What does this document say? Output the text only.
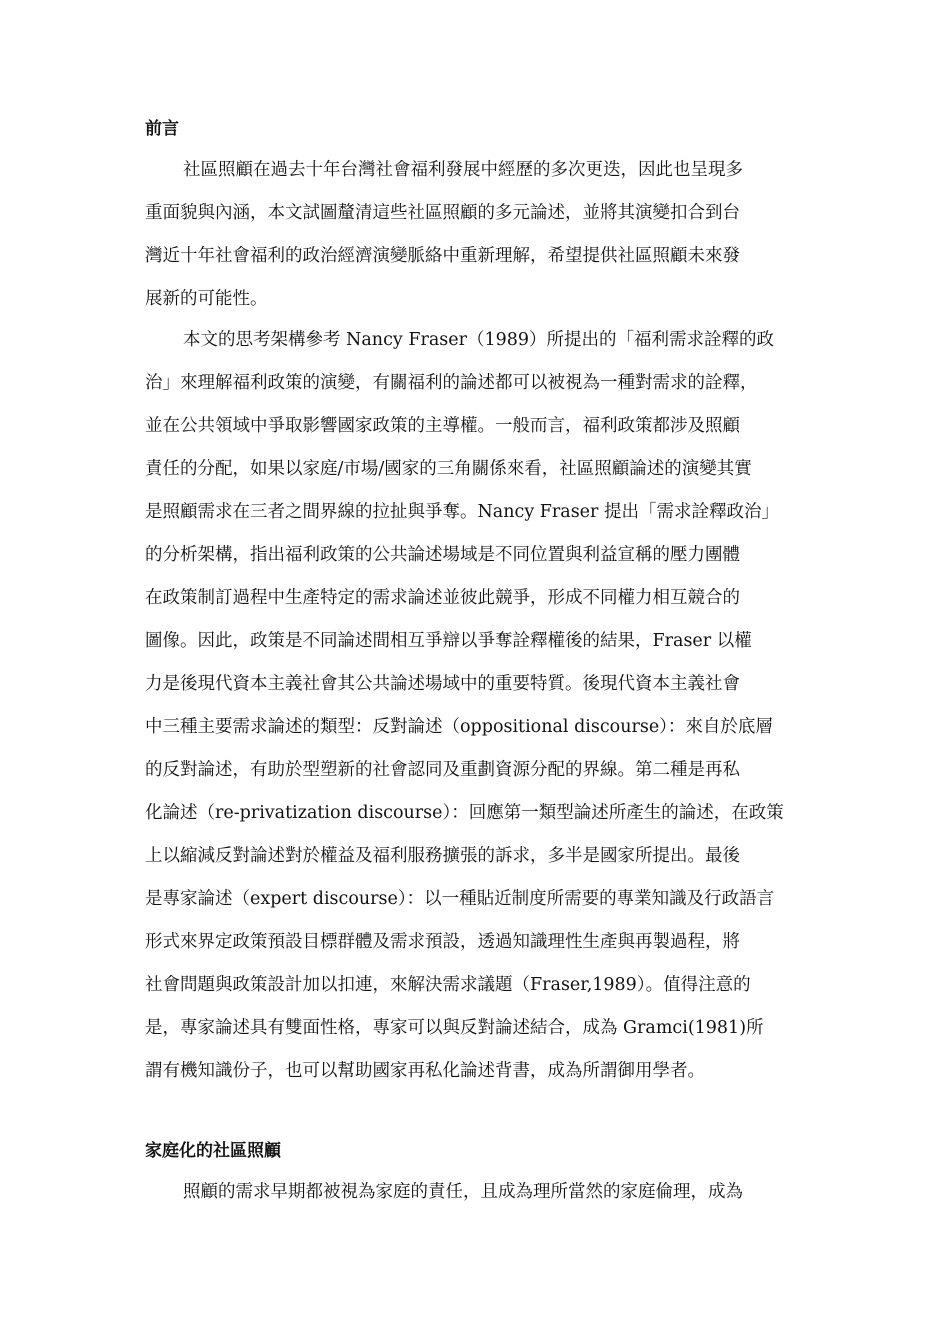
前言
社區照顧在過去十年台灣社會福利發展中經歷的多次更迭，因此也呈現多
重面貌與內涵，本文試圖釐清這些社區照顧的多元論述，並將其演變扣合到台
灣近十年社會福利的政治經濟演變脈絡中重新理解，希望提供社區照顧未來發
展新的可能性。
本文的思考架構參考 Nancy Fraser（1989）所提出的「福利需求詮釋的政
治」來理解福利政策的演變，有關福利的論述都可以被視為一種對需求的詮釋，
並在公共領域中爭取影響國家政策的主導權。一般而言，福利政策都涉及照顧
責任的分配，如果以家庭/市場/國家的三角關係來看，社區照顧論述的演變其實
是照顧需求在三者之間界線的拉扯與爭奪。Nancy Fraser 提出「需求詮釋政治」
的分析架構，指出福利政策的公共論述場域是不同位置與利益宣稱的壓力團體
在政策制訂過程中生產特定的需求論述並彼此競爭，形成不同權力相互競合的
圖像。因此，政策是不同論述間相互爭辯以爭奪詮釋權後的結果，Fraser 以權
力是後現代資本主義社會其公共論述場域中的重要特質。後現代資本主義社會
中三種主要需求論述的類型：反對論述（oppositional discourse）：來自於底層
的反對論述，有助於型塑新的社會認同及重劃資源分配的界線。第二種是再私
化論述（re-privatization discourse）：回應第一類型論述所產生的論述，在政策
上以縮減反對論述對於權益及福利服務擴張的訴求，多半是國家所提出。最後
是專家論述（expert discourse）：以一種貼近制度所需要的專業知識及行政語言
形式來界定政策預設目標群體及需求預設，透過知識理性生產與再製過程，將
社會問題與政策設計加以扣連，來解決需求議題（Fraser,1989）。值得注意的
是，專家論述具有雙面性格，專家可以與反對論述結合，成為 Gramci(1981)所
謂有機知識份子，也可以幫助國家再私化論述背書，成為所謂御用學者。
家庭化的社區照顧
照顧的需求早期都被視為家庭的責任，且成為理所當然的家庭倫理，成為
